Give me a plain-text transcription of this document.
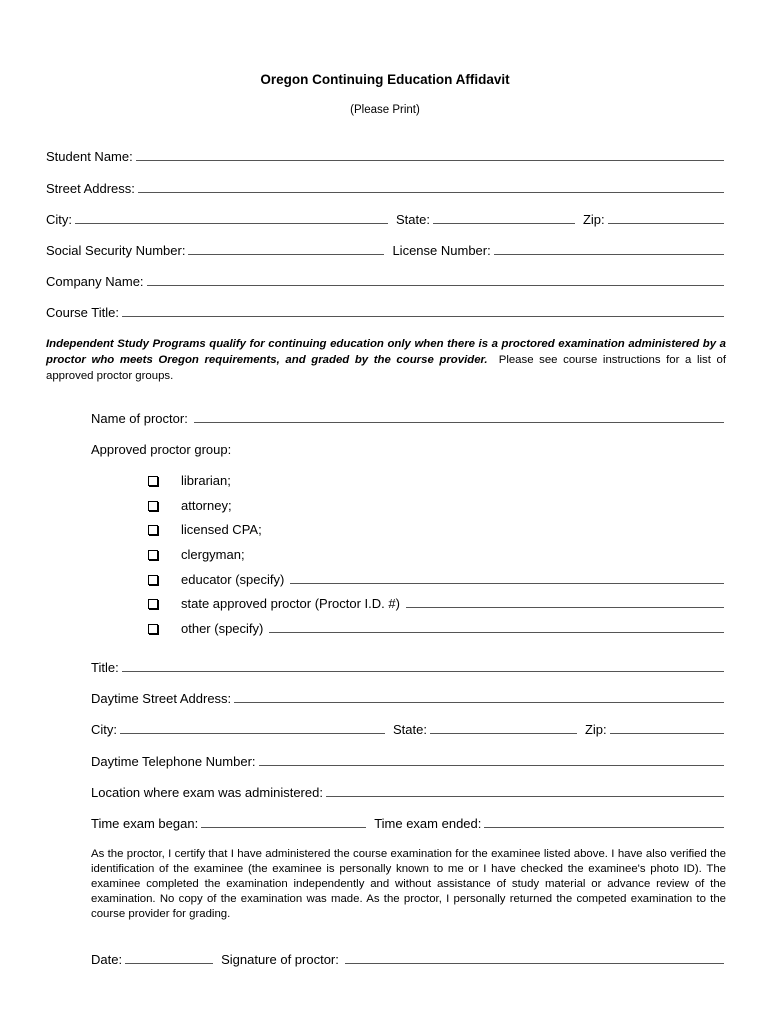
Oregon Continuing Education Affidavit
(Please Print)
Student Name:
Street Address:
City:	State:	Zip:
Social Security Number:	License Number:
Company Name:
Course Title:
Independent Study Programs qualify for continuing education only when there is a proctored examination administered by a proctor who meets Oregon requirements, and graded by the course provider. Please see course instructions for a list of approved proctor groups.
Name of proctor:
Approved proctor group:
librarian;
attorney;
licensed CPA;
clergyman;
educator (specify)
state approved proctor (Proctor I.D. #)
other (specify)
Title:
Daytime Street Address:
City:	State:	Zip:
Daytime Telephone Number:
Location where exam was administered:
Time exam began:	Time exam ended:
As the proctor, I certify that I have administered the course examination for the examinee listed above. I have also verified the identification of the examinee (the examinee is personally known to me or I have checked the examinee's photo ID). The examinee completed the examination independently and without assistance of study material or advance review of the examination. No copy of the examination was made. As the proctor, I personally returned the competed examination to the course provider for grading.
Date:	Signature of proctor:
